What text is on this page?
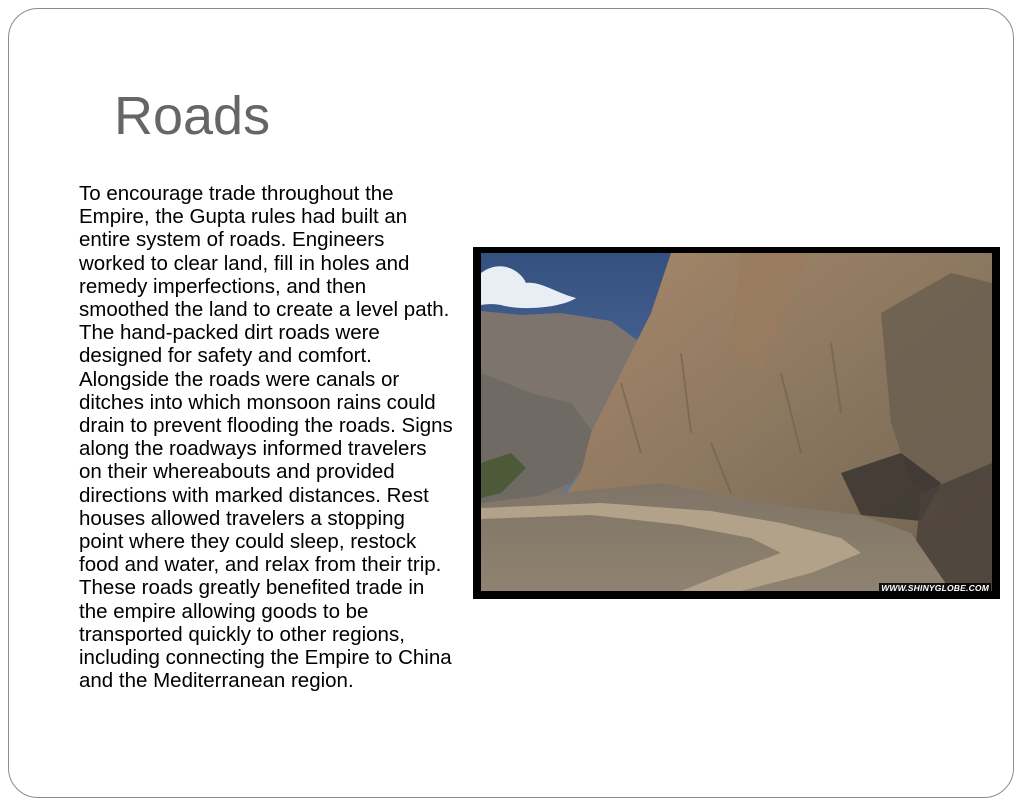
Roads

To encourage trade throughout the Empire, the Gupta rules had built an entire system of roads. Engineers worked to clear land, fill in holes and remedy imperfections, and then smoothed the land to create a level path. The hand-packed dirt roads were designed for safety and comfort. Alongside the roads were canals or ditches into which monsoon rains could drain to prevent flooding the roads. Signs along the roadways informed travelers on their whereabouts and provided directions with marked distances. Rest houses allowed travelers a stopping point where they could sleep, restock food and water, and relax from their trip. These roads greatly benefited trade in the empire allowing goods to be transported quickly to other regions, including connecting the Empire to China and the Mediterranean region.

WWW.SHINYGLOBE.COM
